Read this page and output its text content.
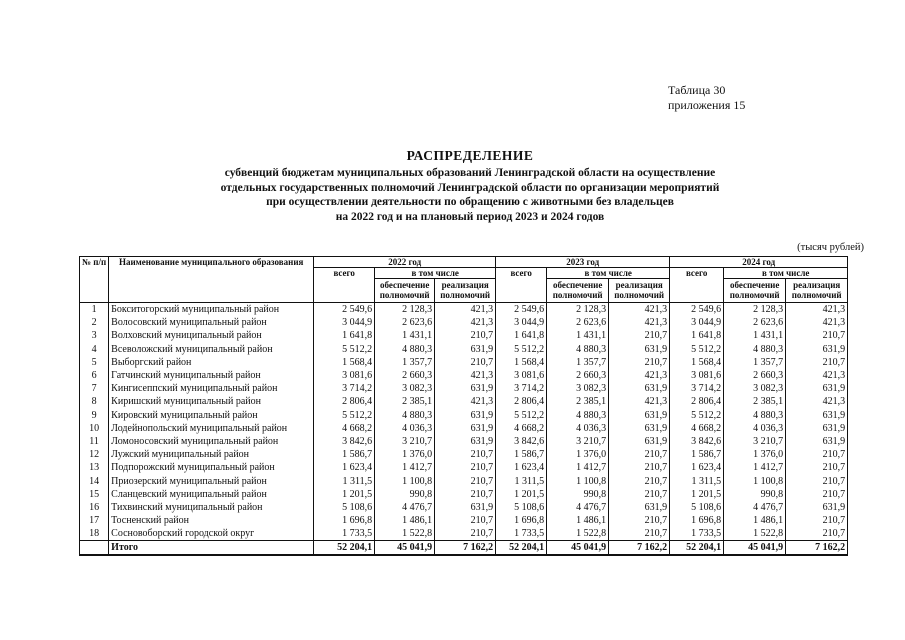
Таблица 30
приложения 15
РАСПРЕДЕЛЕНИЕ
субвенций бюджетам муниципальных образований Ленинградской области на осуществление
отдельных государственных полномочий Ленинградской области по организации мероприятий
при осуществлении деятельности по обращению с животными без владельцев
на 2022 год и на плановый период 2023 и 2024 годов
(тысяч рублей)
№ п/п	Наименование муниципального образования	2022 год			2023 год			2024 год		
		всего	в том числе		всего	в том числе		всего	в том числе	
			обеспечение полномочий	реализация полномочий		обеспечение полномочий	реализация полномочий		обеспечение полномочий	реализация полномочий
1	Бокситогорский муниципальный район	2 549,6	2 128,3	421,3	2 549,6	2 128,3	421,3	2 549,6	2 128,3	421,3
2	Волосовский муниципальный район	3 044,9	2 623,6	421,3	3 044,9	2 623,6	421,3	3 044,9	2 623,6	421,3
3	Волховский муниципальный район	1 641,8	1 431,1	210,7	1 641,8	1 431,1	210,7	1 641,8	1 431,1	210,7
4	Всеволожский муниципальный район	5 512,2	4 880,3	631,9	5 512,2	4 880,3	631,9	5 512,2	4 880,3	631,9
5	Выборгский район	1 568,4	1 357,7	210,7	1 568,4	1 357,7	210,7	1 568,4	1 357,7	210,7
6	Гатчинский муниципальный район	3 081,6	2 660,3	421,3	3 081,6	2 660,3	421,3	3 081,6	2 660,3	421,3
7	Кингисеппский муниципальный район	3 714,2	3 082,3	631,9	3 714,2	3 082,3	631,9	3 714,2	3 082,3	631,9
8	Киришский муниципальный район	2 806,4	2 385,1	421,3	2 806,4	2 385,1	421,3	2 806,4	2 385,1	421,3
9	Кировский муниципальный район	5 512,2	4 880,3	631,9	5 512,2	4 880,3	631,9	5 512,2	4 880,3	631,9
10	Лодейнопольский муниципальный район	4 668,2	4 036,3	631,9	4 668,2	4 036,3	631,9	4 668,2	4 036,3	631,9
11	Ломоносовский муниципальный район	3 842,6	3 210,7	631,9	3 842,6	3 210,7	631,9	3 842,6	3 210,7	631,9
12	Лужский муниципальный район	1 586,7	1 376,0	210,7	1 586,7	1 376,0	210,7	1 586,7	1 376,0	210,7
13	Подпорожский муниципальный район	1 623,4	1 412,7	210,7	1 623,4	1 412,7	210,7	1 623,4	1 412,7	210,7
14	Приозерский муниципальный район	1 311,5	1 100,8	210,7	1 311,5	1 100,8	210,7	1 311,5	1 100,8	210,7
15	Сланцевский муниципальный район	1 201,5	990,8	210,7	1 201,5	990,8	210,7	1 201,5	990,8	210,7
16	Тихвинский муниципальный район	5 108,6	4 476,7	631,9	5 108,6	4 476,7	631,9	5 108,6	4 476,7	631,9
17	Тосненский район	1 696,8	1 486,1	210,7	1 696,8	1 486,1	210,7	1 696,8	1 486,1	210,7
18	Сосновоборский городской округ	1 733,5	1 522,8	210,7	1 733,5	1 522,8	210,7	1 733,5	1 522,8	210,7
	Итого	52 204,1	45 041,9	7 162,2	52 204,1	45 041,9	7 162,2	52 204,1	45 041,9	7 162,2
